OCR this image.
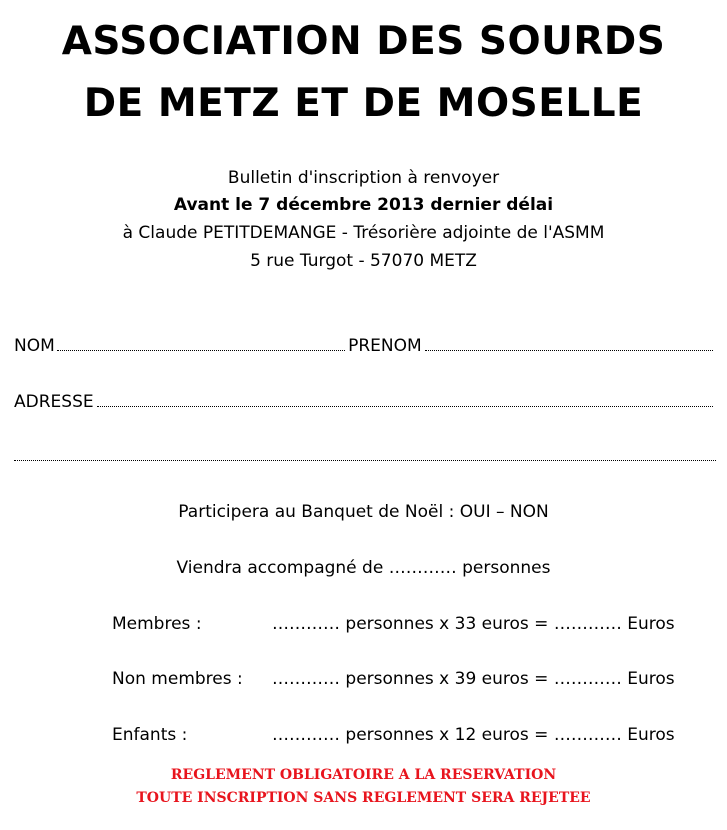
ASSOCIATION DES SOURDS
DE METZ ET DE MOSELLE
Bulletin d'inscription à renvoyer
Avant le 7 décembre 2013 dernier délai
à Claude PETITDEMANGE - Trésorière adjointe de l'ASMM
5 rue Turgot - 57070 METZ
NOM	PRENOM
ADRESSE
Participera au Banquet de Noël : OUI – NON
Viendra accompagné de ………… personnes
Membres :	………… personnes x 33 euros = ………… Euros
Non membres : ………… personnes x 39 euros = ………… Euros
Enfants :	………… personnes x 12 euros = ………… Euros
REGLEMENT OBLIGATOIRE A LA RESERVATION
TOUTE INSCRIPTION SANS REGLEMENT SERA REJETEE
